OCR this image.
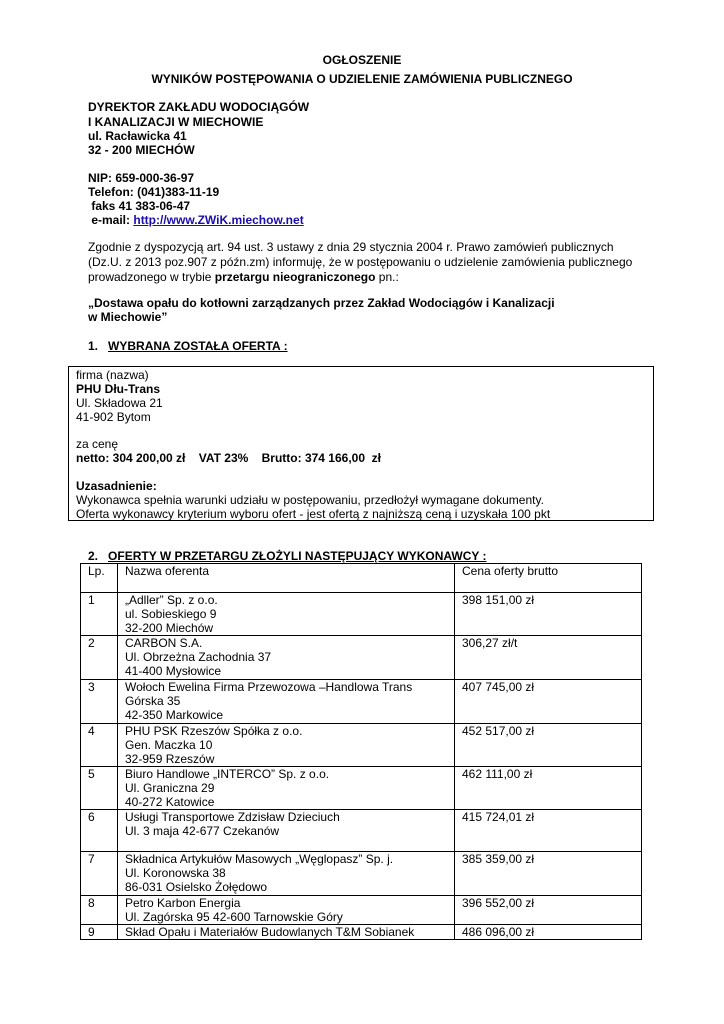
OGŁOSZENIE
WYNIKÓW POSTĘPOWANIA O UDZIELENIE ZAMÓWIENIA PUBLICZNEGO
DYREKTOR ZAKŁADU WODOCIĄGÓW
I KANALIZACJI W MIECHOWIE
ul. Racławicka 41
32 - 200 MIECHÓW
NIP: 659-000-36-97
Telefon: (041)383-11-19
faks 41 383-06-47
e-mail: http://www.ZWiK.miechow.net
Zgodnie z dyspozycją art. 94 ust. 3 ustawy z dnia 29 stycznia 2004 r. Prawo zamówień publicznych (Dz.U. z 2013 poz.907 z późn.zm) informuję, że w postępowaniu o udzielenie zamówienia publicznego prowadzonego w trybie przetargu nieograniczonego pn.:
„Dostawa opału do kotłowni zarządzanych przez Zakład Wodociągów i Kanalizacji
w Miechowie”
1. WYBRANA ZOSTAŁA OFERTA :
firma (nazwa)
PHU Dłu-Trans
Ul. Składowa 21
41-902 Bytom
za cenę
netto: 304 200,00 zł    VAT 23%    Brutto: 374 166,00  zł
Uzasadnienie:
Wykonawca spełnia warunki udziału w postępowaniu, przedłożył wymagane dokumenty.
Oferta wykonawcy kryterium wyboru ofert - jest ofertą z najniższą ceną i uzyskała 100 pkt
2. OFERTY W PRZETARGU ZŁOŻYLI NASTĘPUJĄCY WYKONAWCY :
Lp.	Nazwa oferenta	Cena oferty brutto
1	„Adller” Sp. z o.o.
ul. Sobieskiego 9
32-200 Miechów	398 151,00 zł
2	CARBON S.A.
Ul. Obrzeżna Zachodnia 37
41-400 Mysłowice	306,27 zł/t
3	Wołoch Ewelina Firma Przewozowa –Handlowa Trans
Górska 35
42-350 Markowice	407 745,00 zł
4	PHU PSK Rzeszów Spółka z o.o.
Gen. Maczka 10
32-959 Rzeszów	452 517,00 zł
5	Biuro Handlowe „INTERCO” Sp. z o.o.
Ul. Graniczna 29
40-272 Katowice	462 111,00 zł
6	Usługi Transportowe Zdzisław Dzieciuch
Ul. 3 maja 42-677 Czekanów	415 724,01 zł
7	Składnica Artykułów Masowych „Węglopasz” Sp. j.
Ul. Koronowska 38
86-031 Osielsko Żołędowo	385 359,00 zł
8	Petro Karbon Energia
Ul. Zagórska 95 42-600 Tarnowskie Góry	396 552,00 zł
9	Skład Opału i Materiałów Budowlanych T&M Sobianek	486 096,00 zł
